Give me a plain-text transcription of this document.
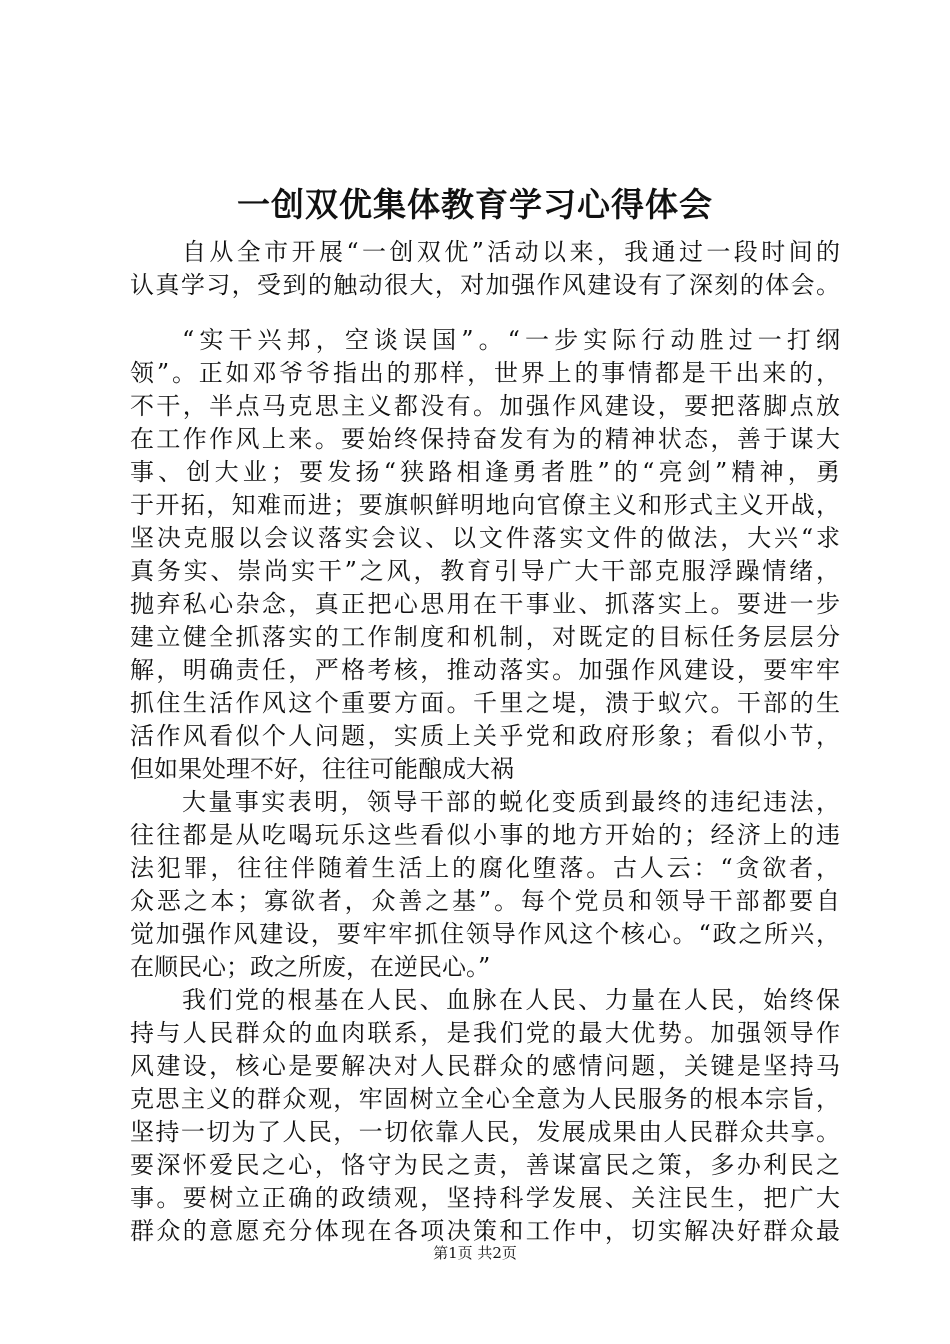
一创双优集体教育学习心得体会
自从全市开展“一创双优”活动以来，我通过一段时间的
认真学习，受到的触动很大，对加强作风建设有了深刻的体会。
“实干兴邦，空谈误国”。“一步实际行动胜过一打纲
领”。正如邓爷爷指出的那样，世界上的事情都是干出来的，
不干，半点马克思主义都没有。加强作风建设，要把落脚点放
在工作作风上来。要始终保持奋发有为的精神状态，善于谋大
事、创大业；要发扬“狭路相逢勇者胜”的“亮剑”精神，勇
于开拓，知难而进；要旗帜鲜明地向官僚主义和形式主义开战，
坚决克服以会议落实会议、以文件落实文件的做法，大兴“求
真务实、崇尚实干”之风，教育引导广大干部克服浮躁情绪，
抛弃私心杂念，真正把心思用在干事业、抓落实上。要进一步
建立健全抓落实的工作制度和机制，对既定的目标任务层层分
解，明确责任，严格考核，推动落实。加强作风建设，要牢牢
抓住生活作风这个重要方面。千里之堤，溃于蚁穴。干部的生
活作风看似个人问题，实质上关乎党和政府形象；看似小节，
但如果处理不好，往往可能酿成大祸
大量事实表明，领导干部的蜕化变质到最终的违纪违法，
往往都是从吃喝玩乐这些看似小事的地方开始的；经济上的违
法犯罪，往往伴随着生活上的腐化堕落。古人云：“贪欲者，
众恶之本；寡欲者，众善之基”。每个党员和领导干部都要自
觉加强作风建设，要牢牢抓住领导作风这个核心。“政之所兴，
在顺民心；政之所废，在逆民心。”
我们党的根基在人民、血脉在人民、力量在人民，始终保
持与人民群众的血肉联系，是我们党的最大优势。加强领导作
风建设，核心是要解决对人民群众的感情问题，关键是坚持马
克思主义的群众观，牢固树立全心全意为人民服务的根本宗旨，
坚持一切为了人民，一切依靠人民，发展成果由人民群众共享。
要深怀爱民之心，恪守为民之责，善谋富民之策，多办利民之
事。要树立正确的政绩观，坚持科学发展、关注民生，把广大
群众的意愿充分体现在各项决策和工作中，切实解决好群众最
第1页 共2页
